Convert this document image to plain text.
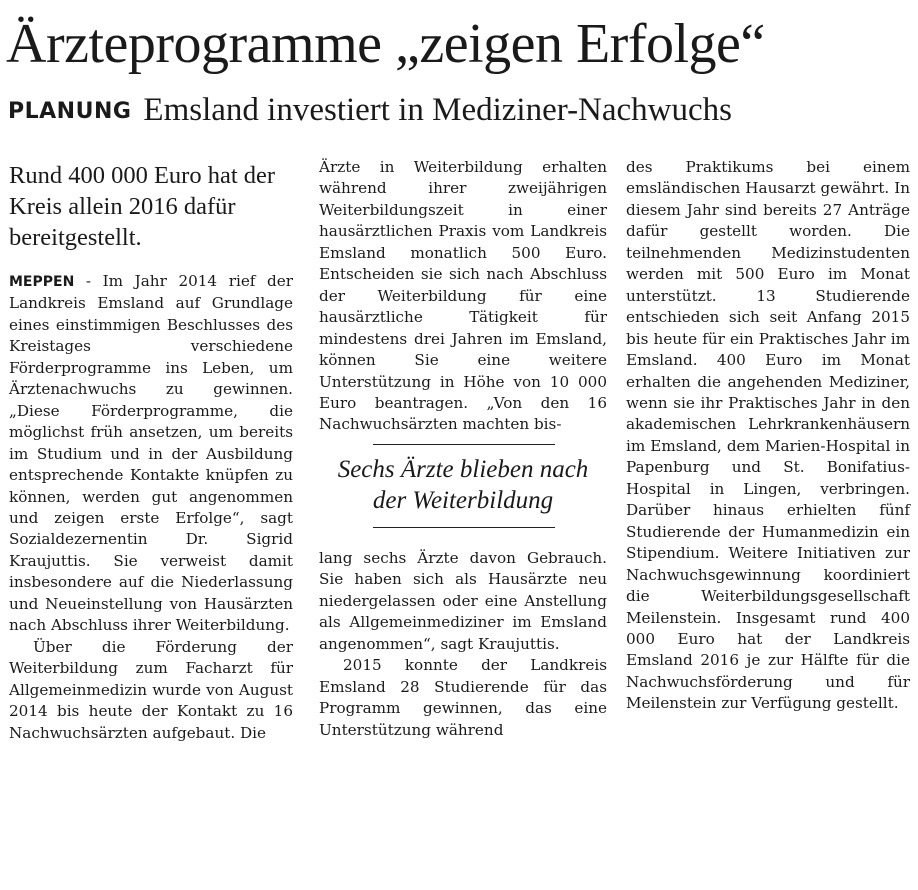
Ärzteprogramme „zeigen Erfolge“
PLANUNG Emsland investiert in Mediziner-Nachwuchs

Rund 400 000 Euro hat der Kreis allein 2016 dafür bereitgestellt.

MEPPEN - Im Jahr 2014 rief der Landkreis Emsland auf Grundlage eines einstimmigen Beschlusses des Kreistages verschiedene Förderprogramme ins Leben, um Ärztenachwuchs zu gewinnen. „Diese Förderprogramme, die möglichst früh ansetzen, um bereits im Studium und in der Ausbildung entsprechende Kontakte knüpfen zu können, werden gut angenommen und zeigen erste Erfolge“, sagt Sozialdezernentin Dr. Sigrid Kraujuttis. Sie verweist damit insbesondere auf die Niederlassung und Neueinstellung von Hausärzten nach Abschluss ihrer Weiterbildung.

Über die Förderung der Weiterbildung zum Facharzt für Allgemeinmedizin wurde von August 2014 bis heute der Kontakt zu 16 Nachwuchsärzten aufgebaut. Die

Ärzte in Weiterbildung erhalten während ihrer zweijährigen Weiterbildungszeit in einer hausärztlichen Praxis vom Landkreis Emsland monatlich 500 Euro. Entscheiden sie sich nach Abschluss der Weiterbildung für eine hausärztliche Tätigkeit für mindestens drei Jahren im Emsland, können Sie eine weitere Unterstützung in Höhe von 10 000 Euro beantragen. „Von den 16 Nachwuchsärzten machten bis-

Sechs Ärzte blieben nach der Weiterbildung

lang sechs Ärzte davon Gebrauch. Sie haben sich als Hausärzte neu niedergelassen oder eine Anstellung als Allgemeinmediziner im Emsland angenommen“, sagt Kraujuttis.

2015 konnte der Landkreis Emsland 28 Studierende für das Programm gewinnen, das eine Unterstützung während

des Praktikums bei einem emsländischen Hausarzt gewährt. In diesem Jahr sind bereits 27 Anträge dafür gestellt worden. Die teilnehmenden Medizinstudenten werden mit 500 Euro im Monat unterstützt. 13 Studierende entschieden sich seit Anfang 2015 bis heute für ein Praktisches Jahr im Emsland. 400 Euro im Monat erhalten die angehenden Mediziner, wenn sie ihr Praktisches Jahr in den akademischen Lehrkrankenhäusern im Emsland, dem Marien-Hospital in Papenburg und St. Bonifatius-Hospital in Lingen, verbringen. Darüber hinaus erhielten fünf Studierende der Humanmedizin ein Stipendium. Weitere Initiativen zur Nachwuchsgewinnung koordiniert die Weiterbildungsgesellschaft Meilenstein. Insgesamt rund 400 000 Euro hat der Landkreis Emsland 2016 je zur Hälfte für die Nachwuchsförderung und für Meilenstein zur Verfügung gestellt.
